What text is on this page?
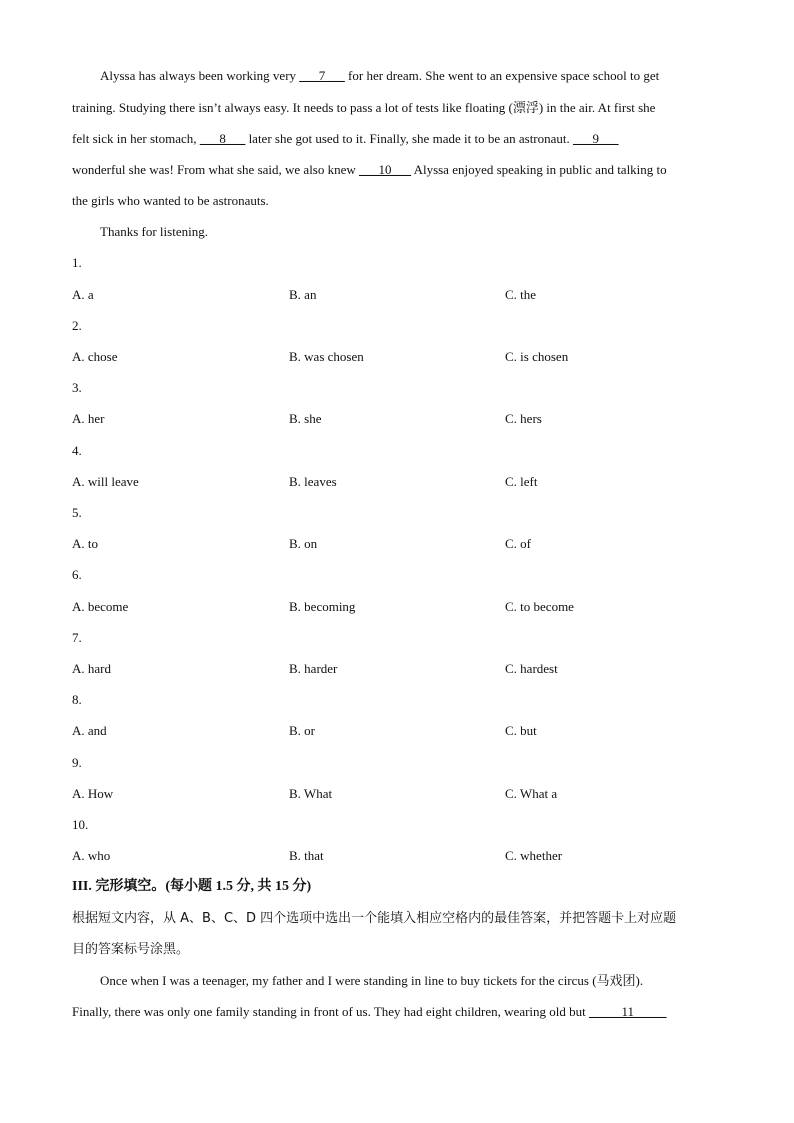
Alyssa has always been working very ___7___ for her dream. She went to an expensive space school to get
training. Studying there isn’t always easy. It needs to pass a lot of tests like floating (漂浮) in the air. At first she
felt sick in her stomach, ___8___ later she got used to it. Finally, she made it to be an astronaut. ___9___
wonderful she was! From what she said, we also knew ___10___ Alyssa enjoyed speaking in public and talking to
the girls who wanted to be astronauts.
Thanks for listening.
1.
A. a	B. an	C. the
2.
A. chose	B. was chosen	C. is chosen
3.
A. her	B. she	C. hers
4.
A. will leave	B. leaves	C. left
5.
A. to	B. on	C. of
6.
A. become	B. becoming	C. to become
7.
A. hard	B. harder	C. hardest
8.
A. and	B. or	C. but
9.
A. How	B. What	C. What a
10.
A. who	B. that	C. whether
III. 完形填空。(每小题 1.5 分, 共 15 分)
根据短文内容，从 A、B、C、D 四个选项中选出一个能填入相应空格内的最佳答案，并把答题卡上对应题
目的答案标号涂黑。
Once when I was a teenager, my father and I were standing in line to buy tickets for the circus (马戏团).
Finally, there was only one family standing in front of us. They had eight children, wearing old but _____11_____
